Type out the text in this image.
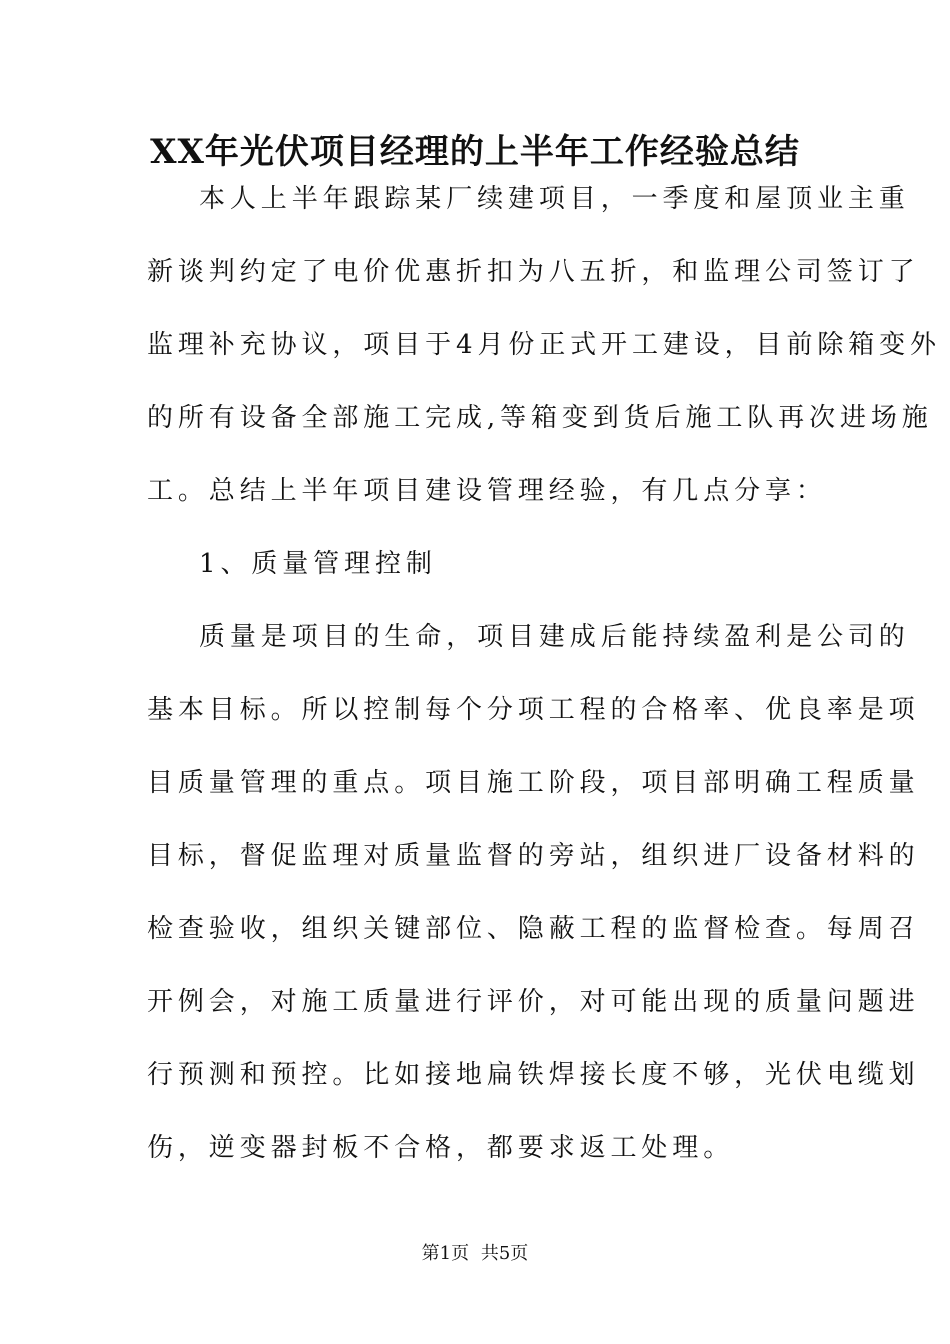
XX年光伏项目经理的上半年工作经验总结
本人上半年跟踪某厂续建项目，一季度和屋顶业主重
新谈判约定了电价优惠折扣为八五折，和监理公司签订了
监理补充协议，项目于4月份正式开工建设，目前除箱变外
的所有设备全部施工完成,等箱变到货后施工队再次进场施
工。总结上半年项目建设管理经验，有几点分享：
1、质量管理控制
质量是项目的生命，项目建成后能持续盈利是公司的
基本目标。所以控制每个分项工程的合格率、优良率是项
目质量管理的重点。项目施工阶段，项目部明确工程质量
目标，督促监理对质量监督的旁站，组织进厂设备材料的
检查验收，组织关键部位、隐蔽工程的监督检查。每周召
开例会，对施工质量进行评价，对可能出现的质量问题进
行预测和预控。比如接地扁铁焊接长度不够，光伏电缆划
伤，逆变器封板不合格，都要求返工处理。
第1页 共5页
